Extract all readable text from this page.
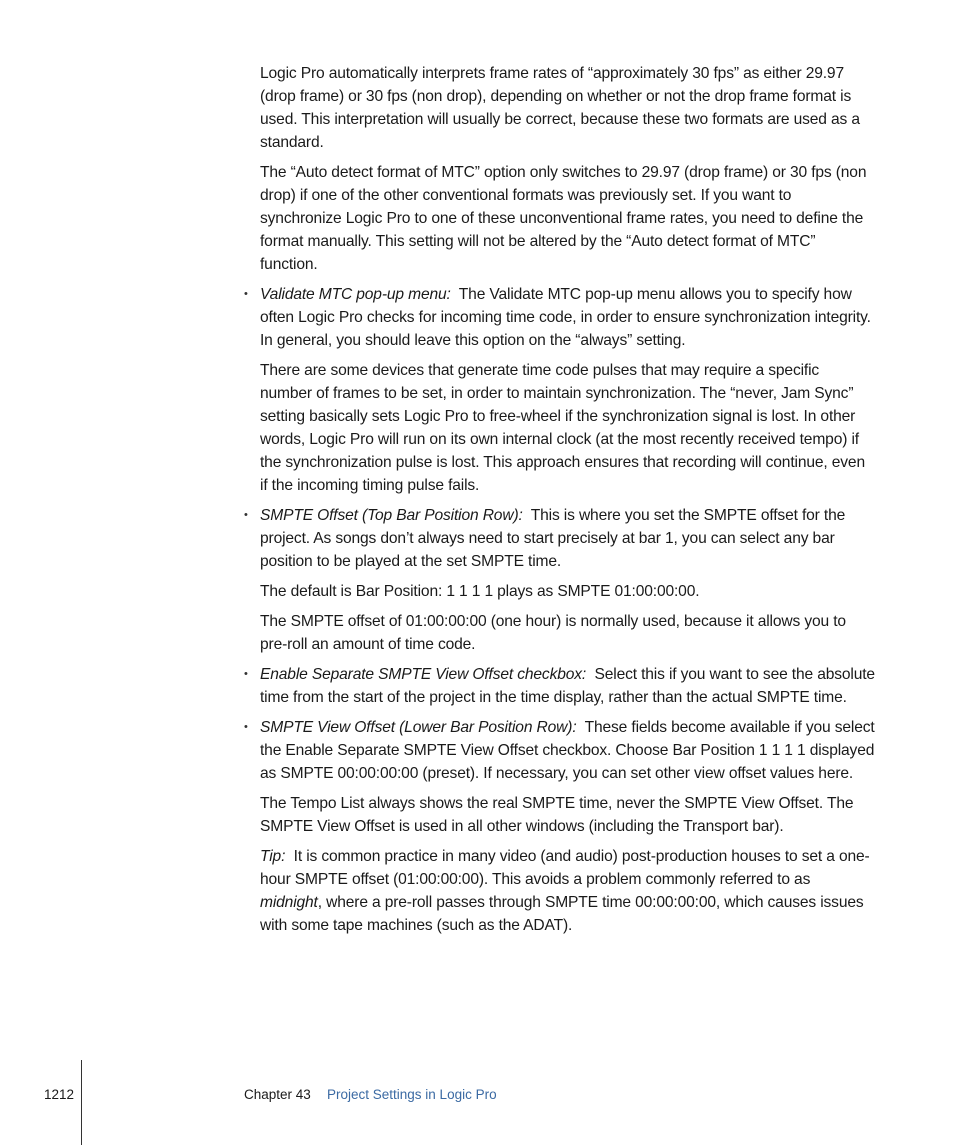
Logic Pro automatically interprets frame rates of “approximately 30 fps” as either 29.97 (drop frame) or 30 fps (non drop), depending on whether or not the drop frame format is used. This interpretation will usually be correct, because these two formats are used as a standard.

The “Auto detect format of MTC” option only switches to 29.97 (drop frame) or 30 fps (non drop) if one of the other conventional formats was previously set. If you want to synchronize Logic Pro to one of these unconventional frame rates, you need to define the format manually. This setting will not be altered by the “Auto detect format of MTC” function.

• Validate MTC pop-up menu: The Validate MTC pop-up menu allows you to specify how often Logic Pro checks for incoming time code, in order to ensure synchronization integrity. In general, you should leave this option on the “always” setting.

There are some devices that generate time code pulses that may require a specific number of frames to be set, in order to maintain synchronization. The “never, Jam Sync” setting basically sets Logic Pro to free-wheel if the synchronization signal is lost. In other words, Logic Pro will run on its own internal clock (at the most recently received tempo) if the synchronization pulse is lost. This approach ensures that recording will continue, even if the incoming timing pulse fails.

• SMPTE Offset (Top Bar Position Row): This is where you set the SMPTE offset for the project. As songs don’t always need to start precisely at bar 1, you can select any bar position to be played at the set SMPTE time.

The default is Bar Position: 1 1 1 1 plays as SMPTE 01:00:00:00.

The SMPTE offset of 01:00:00:00 (one hour) is normally used, because it allows you to pre-roll an amount of time code.

• Enable Separate SMPTE View Offset checkbox: Select this if you want to see the absolute time from the start of the project in the time display, rather than the actual SMPTE time.

• SMPTE View Offset (Lower Bar Position Row): These fields become available if you select the Enable Separate SMPTE View Offset checkbox. Choose Bar Position 1 1 1 1 displayed as SMPTE 00:00:00:00 (preset). If necessary, you can set other view offset values here.

The Tempo List always shows the real SMPTE time, never the SMPTE View Offset. The SMPTE View Offset is used in all other windows (including the Transport bar).

Tip: It is common practice in many video (and audio) post-production houses to set a one-hour SMPTE offset (01:00:00:00). This avoids a problem commonly referred to as midnight, where a pre-roll passes through SMPTE time 00:00:00:00, which causes issues with some tape machines (such as the ADAT).

1212	Chapter 43 Project Settings in Logic Pro
